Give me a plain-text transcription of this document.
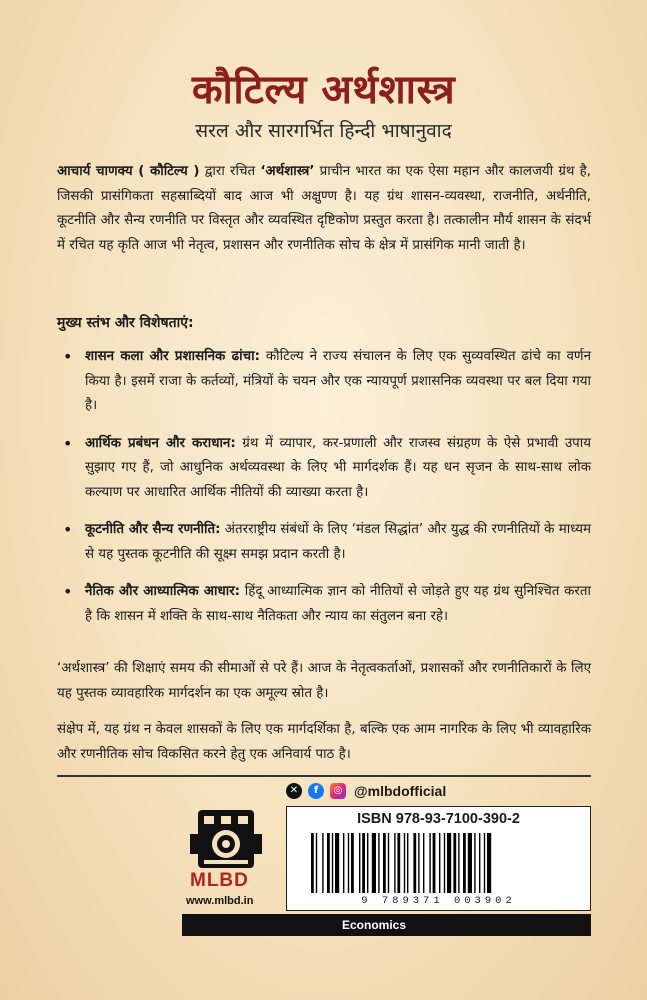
कौटिल्य अर्थशास्त्र
सरल और सारगर्भित हिन्दी भाषानुवाद

आचार्य चाणक्य ( कौटिल्य ) द्वारा रचित ‘अर्थशास्त्र’ प्राचीन भारत का एक ऐसा महान और कालजयी ग्रंथ है, जिसकी प्रासंगिकता सहस्राब्दियों बाद आज भी अक्षुण्ण है। यह ग्रंथ शासन-व्यवस्था, राजनीति, अर्थनीति, कूटनीति और सैन्य रणनीति पर विस्तृत और व्यवस्थित दृष्टिकोण प्रस्तुत करता है। तत्कालीन मौर्य शासन के संदर्भ में रचित यह कृति आज भी नेतृत्व, प्रशासन और रणनीतिक सोच के क्षेत्र में प्रासंगिक मानी जाती है।

मुख्य स्तंभ और विशेषताएं:

• शासन कला और प्रशासनिक ढांचा: कौटिल्य ने राज्य संचालन के लिए एक सुव्यवस्थित ढांचे का वर्णन किया है। इसमें राजा के कर्तव्यों, मंत्रियों के चयन और एक न्यायपूर्ण प्रशासनिक व्यवस्था पर बल दिया गया है।
• आर्थिक प्रबंधन और कराधान: ग्रंथ में व्यापार, कर-प्रणाली और राजस्व संग्रहण के ऐसे प्रभावी उपाय सुझाए गए हैं, जो आधुनिक अर्थव्यवस्था के लिए भी मार्गदर्शक हैं। यह धन सृजन के साथ-साथ लोक कल्याण पर आधारित आर्थिक नीतियों की व्याख्या करता है।
• कूटनीति और सैन्य रणनीति: अंतरराष्ट्रीय संबंधों के लिए ‘मंडल सिद्धांत’ और युद्ध की रणनीतियों के माध्यम से यह पुस्तक कूटनीति की सूक्ष्म समझ प्रदान करती है।
• नैतिक और आध्यात्मिक आधार: हिंदू आध्यात्मिक ज्ञान को नीतियों से जोड़ते हुए यह ग्रंथ सुनिश्चित करता है कि शासन में शक्ति के साथ-साथ नैतिकता और न्याय का संतुलन बना रहे।

‘अर्थशास्त्र’ की शिक्षाएं समय की सीमाओं से परे हैं। आज के नेतृत्वकर्ताओं, प्रशासकों और रणनीतिकारों के लिए यह पुस्तक व्यावहारिक मार्गदर्शन का एक अमूल्य स्रोत है।

संक्षेप में, यह ग्रंथ न केवल शासकों के लिए एक मार्गदर्शिका है, बल्कि एक आम नागरिक के लिए भी व्यावहारिक और रणनीतिक सोच विकसित करने हेतु एक अनिवार्य पाठ है।

✕	f	◎ @mlbdofficial
MLBD
www.mlbd.in
ISBN 978-93-7100-390-2
9 789371 003902
Economics
